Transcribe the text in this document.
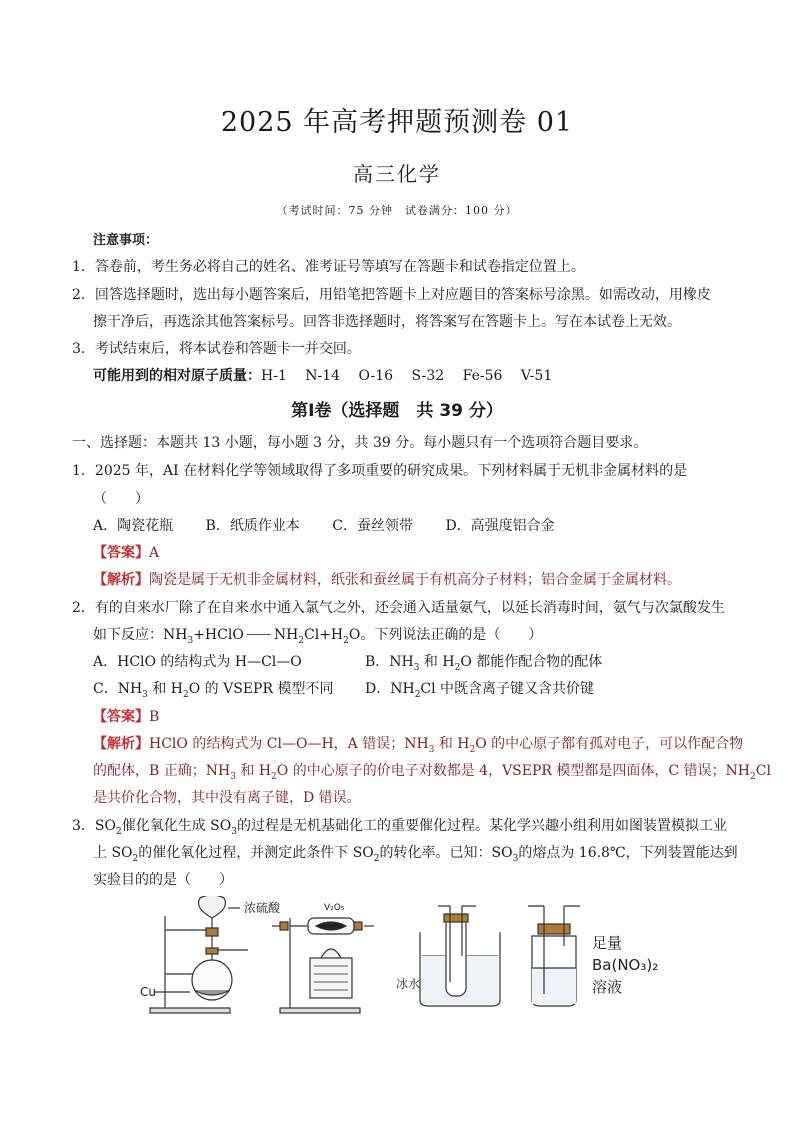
2025 年高考押题预测卷 01
高三化学
（考试时间：75 分钟　试卷满分：100 分）
注意事项：
1．答卷前，考生务必将自己的姓名、准考证号等填写在答题卡和试卷指定位置上。
2．回答选择题时，选出每小题答案后，用铅笔把答题卡上对应题目的答案标号涂黑。如需改动，用橡皮
擦干净后，再选涂其他答案标号。回答非选择题时，将答案写在答题卡上。写在本试卷上无效。
3．考试结束后，将本试卷和答题卡一并交回。
可能用到的相对原子质量：H-1　 N-14　 O-16　 S-32　 Fe-56　 V-51
第Ⅰ卷（选择题　共 39 分）
一、选择题：本题共 13 小题，每小题 3 分，共 39 分。每小题只有一个选项符合题目要求。
1．2025 年，AI 在材料化学等领域取得了多项重要的研究成果。下列材料属于无机非金属材料的是
（　　）
A．陶瓷花瓶　　 B．纸质作业本　　 C．蚕丝领带　　 D．高强度铝合金
【答案】A
【解析】陶瓷是属于无机非金属材料，纸张和蚕丝属于有机高分子材料；铝合金属于金属材料。
2．有的自来水厂除了在自来水中通入氯气之外，还会通入适量氨气，以延长消毒时间，氨气与次氯酸发生
如下反应：$NH_3+HClO$ $NH_2Cl+H_2O$。下列说法正确的是（　　）
A．HClO 的结构式为 H—Cl—O	B．$NH_3$ 和 $H_2O$ 都能作配合物的配体
C．$NH_3$ 和 $H_2O$ 的 VSEPR 模型不同 D．$NH_2Cl$ 中既含离子键又含共价键
【答案】B
【解析】HClO 的结构式为 Cl—O—H，A 错误；$NH_3$ 和 $H_2O$ 的中心原子都有孤对电子，可以作配合物
的配体，B 正确；$NH_3$ 和 $H_2O$ 的中心原子的价电子对数都是 4，VSEPR 模型都是四面体，C 错误；$NH_2Cl$
是共价化合物，其中没有离子键，D 错误。
3．$SO_2$催化氧化生成 $SO_3$的过程是无机基础化工的重要催化过程。某化学兴趣小组利用如图装置模拟工业
上 $SO_2$的催化氧化过程，并测定此条件下 $SO_2$的转化率。已知：$SO_3$的熔点为 16.8℃，下列装置能达到
实验目的的是（　　）
浓硫酸
Cu
V₂O₅
冰水
足量
Ba(NO₃)₂
溶液
